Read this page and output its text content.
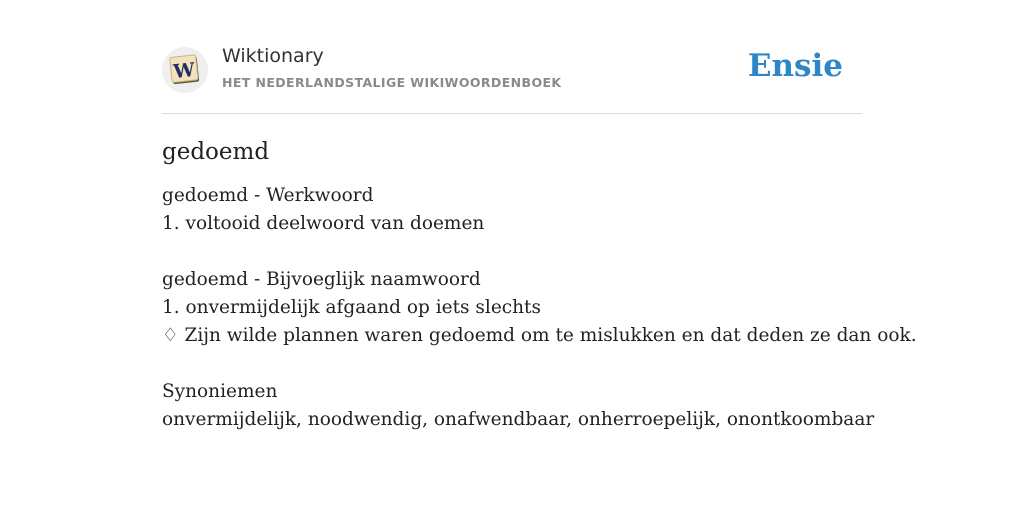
W
Wiktionary
HET NEDERLANDSTALIGE WIKIWOORDENBOEK	Ensie
gedoemd
gedoemd - Werkwoord
1. voltooid deelwoord van doemen
gedoemd - Bijvoeglijk naamwoord
1. onvermijdelijk afgaand op iets slechts
♢ Zijn wilde plannen waren gedoemd om te mislukken en dat deden ze dan ook.
Synoniemen
onvermijdelijk, noodwendig, onafwendbaar, onherroepelijk, onontkoombaar
